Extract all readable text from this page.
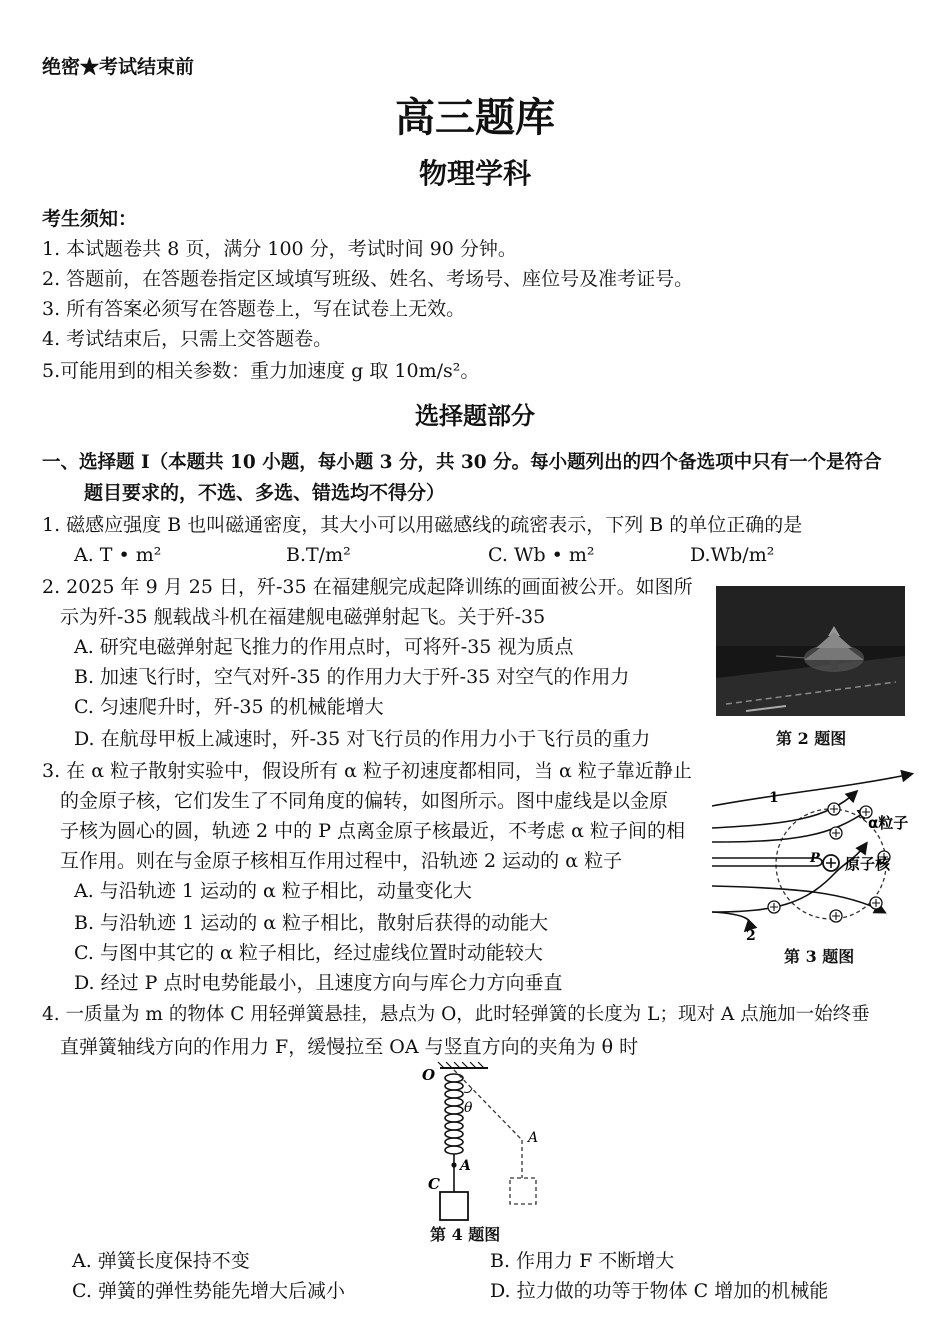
绝密★考试结束前
高三题库
物理学科
考生须知：
1. 本试题卷共 8 页，满分 100 分，考试时间 90 分钟。
2. 答题前，在答题卷指定区域填写班级、姓名、考场号、座位号及准考证号。
3. 所有答案必须写在答题卷上，写在试卷上无效。
4. 考试结束后，只需上交答题卷。
5.可能用到的相关参数：重力加速度 g 取 10m/s²。
选择题部分
一、选择题 I（本题共 10 小题，每小题 3 分，共 30 分。每小题列出的四个备选项中只有一个是符合
题目要求的，不选、多选、错选均不得分）
1. 磁感应强度 B 也叫磁通密度，其大小可以用磁感线的疏密表示，下列 B 的单位正确的是
A. T • m²	B.T/m²	C. Wb • m²	D.Wb/m²
2. 2025 年 9 月 25 日，歼-35 在福建舰完成起降训练的画面被公开。如图所
示为歼-35 舰载战斗机在福建舰电磁弹射起飞。关于歼-35
A. 研究电磁弹射起飞推力的作用点时，可将歼-35 视为质点
B. 加速飞行时，空气对歼-35 的作用力大于歼-35 对空气的作用力
C. 匀速爬升时，歼-35 的机械能增大
D. 在航母甲板上减速时，歼-35 对飞行员的作用力小于飞行员的重力	第 2 题图
3. 在 α 粒子散射实验中，假设所有 α 粒子初速度都相同，当 α 粒子靠近静止
的金原子核，它们发生了不同角度的偏转，如图所示。图中虚线是以金原
子核为圆心的圆，轨迹 2 中的 P 点离金原子核最近，不考虑 α 粒子间的相
互作用。则在与金原子核相互作用过程中，沿轨迹 2 运动的 α 粒子
A. 与沿轨迹 1 运动的 α 粒子相比，动量变化大
B. 与沿轨迹 1 运动的 α 粒子相比，散射后获得的动能大
C. 与图中其它的 α 粒子相比，经过虚线位置时动能较大
D. 经过 P 点时电势能最小，且速度方向与库仑力方向垂直
1
2
α粒子
P 原子核
第 3 题图
4. 一质量为 m 的物体 C 用轻弹簧悬挂，悬点为 O，此时轻弹簧的长度为 L；现对 A 点施加一始终垂
直弹簧轴线方向的作用力 F，缓慢拉至 OA 与竖直方向的夹角为 θ 时
O
θ
A
A
C
第 4 题图
A. 弹簧长度保持不变	B. 作用力 F 不断增大
C. 弹簧的弹性势能先增大后减小	D. 拉力做的功等于物体 C 增加的机械能
